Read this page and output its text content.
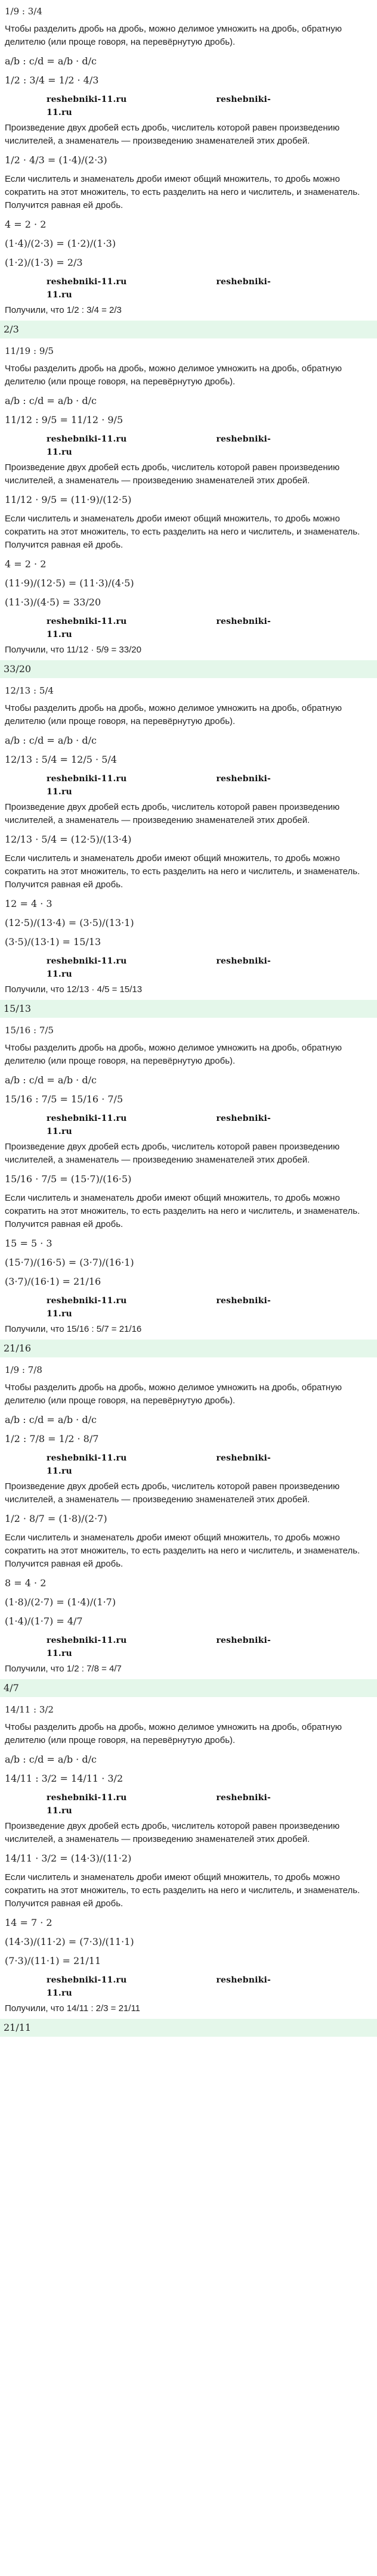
1/9 : 3/4

Чтобы разделить дробь на дробь, можно делимое умножить на дробь, обратную делителю (или проще говоря, на перевёрнутую дробь).

a/b : c/d = a/b · d/c
1/2 : 3/4 = 1/2 · 4/3
reshebniki-11.ru	reshebniki-11.ru

Произведение двух дробей есть дробь, числитель которой равен произведению числителей, а знаменатель — произведению знаменателей этих дробей.

1/2 · 4/3 = (1·4)/(2·3)

Если числитель и знаменатель дроби имеют общий множитель, то дробь можно сократить на этот множитель, то есть разделить на него и числитель, и знаменатель. Получится равная ей дробь.

4 = 2 · 2
(1·4)/(2·3) = (1·2)/(1·3)
(1·2)/(1·3) = 2/3
reshebniki-11.ru	reshebniki-11.ru

Получили, что 1/2 : 3/4 = 2/3

2/3
11/19 : 9/5

Чтобы разделить дробь на дробь, можно делимое умножить на дробь, обратную делителю (или проще говоря, на перевёрнутую дробь).

a/b : c/d = a/b · d/c
11/12 : 9/5 = 11/12 · 9/5
reshebniki-11.ru	reshebniki-11.ru

Произведение двух дробей есть дробь, числитель которой равен произведению числителей, а знаменатель — произведению знаменателей этих дробей.

11/12 · 9/5 = (11·9)/(12·5)

Если числитель и знаменатель дроби имеют общий множитель, то дробь можно сократить на этот множитель, то есть разделить на него и числитель, и знаменатель. Получится равная ей дробь.

4 = 2 · 2
(11·9)/(12·5) = (11·3)/(4·5)
(11·3)/(4·5) = 33/20
reshebniki-11.ru	reshebniki-11.ru

Получили, что 11/12 · 5/9 = 33/20

33/20
12/13 : 5/4

Чтобы разделить дробь на дробь, можно делимое умножить на дробь, обратную делителю (или проще говоря, на перевёрнутую дробь).

a/b : c/d = a/b · d/c
12/13 : 5/4 = 12/5 · 5/4
reshebniki-11.ru	reshebniki-11.ru

Произведение двух дробей есть дробь, числитель которой равен произведению числителей, а знаменатель — произведению знаменателей этих дробей.

12/13 · 5/4 = (12·5)/(13·4)

Если числитель и знаменатель дроби имеют общий множитель, то дробь можно сократить на этот множитель, то есть разделить на него и числитель, и знаменатель. Получится равная ей дробь.

12 = 4 · 3
(12·5)/(13·4) = (3·5)/(13·1)
(3·5)/(13·1) = 15/13
reshebniki-11.ru	reshebniki-11.ru

Получили, что 12/13 · 4/5 = 15/13

15/13
15/16 : 7/5

Чтобы разделить дробь на дробь, можно делимое умножить на дробь, обратную делителю (или проще говоря, на перевёрнутую дробь).

a/b : c/d = a/b · d/c
15/16 : 7/5 = 15/16 · 7/5
reshebniki-11.ru	reshebniki-11.ru

Произведение двух дробей есть дробь, числитель которой равен произведению числителей, а знаменатель — произведению знаменателей этих дробей.

15/16 · 7/5 = (15·7)/(16·5)

Если числитель и знаменатель дроби имеют общий множитель, то дробь можно сократить на этот множитель, то есть разделить на него и числитель, и знаменатель. Получится равная ей дробь.

15 = 5 · 3
(15·7)/(16·5) = (3·7)/(16·1)
(3·7)/(16·1) = 21/16
reshebniki-11.ru	reshebniki-11.ru

Получили, что 15/16 : 5/7 = 21/16

21/16
1/9 : 7/8

Чтобы разделить дробь на дробь, можно делимое умножить на дробь, обратную делителю (или проще говоря, на перевёрнутую дробь).

a/b : c/d = a/b · d/c
1/2 : 7/8 = 1/2 · 8/7
reshebniki-11.ru	reshebniki-11.ru

Произведение двух дробей есть дробь, числитель которой равен произведению числителей, а знаменатель — произведению знаменателей этих дробей.

1/2 · 8/7 = (1·8)/(2·7)

Если числитель и знаменатель дроби имеют общий множитель, то дробь можно сократить на этот множитель, то есть разделить на него и числитель, и знаменатель. Получится равная ей дробь.

8 = 4 · 2
(1·8)/(2·7) = (1·4)/(1·7)
(1·4)/(1·7) = 4/7
reshebniki-11.ru	reshebniki-11.ru

Получили, что 1/2 : 7/8 = 4/7

4/7
14/11 : 3/2

Чтобы разделить дробь на дробь, можно делимое умножить на дробь, обратную делителю (или проще говоря, на перевёрнутую дробь).

a/b : c/d = a/b · d/c
14/11 : 3/2 = 14/11 · 3/2
reshebniki-11.ru	reshebniki-11.ru

Произведение двух дробей есть дробь, числитель которой равен произведению числителей, а знаменатель — произведению знаменателей этих дробей.

14/11 · 3/2 = (14·3)/(11·2)

Если числитель и знаменатель дроби имеют общий множитель, то дробь можно сократить на этот множитель, то есть разделить на него и числитель, и знаменатель. Получится равная ей дробь.

14 = 7 · 2
(14·3)/(11·2) = (7·3)/(11·1)
(7·3)/(11·1) = 21/11
reshebniki-11.ru	reshebniki-11.ru

Получили, что 14/11 : 2/3 = 21/11

21/11
